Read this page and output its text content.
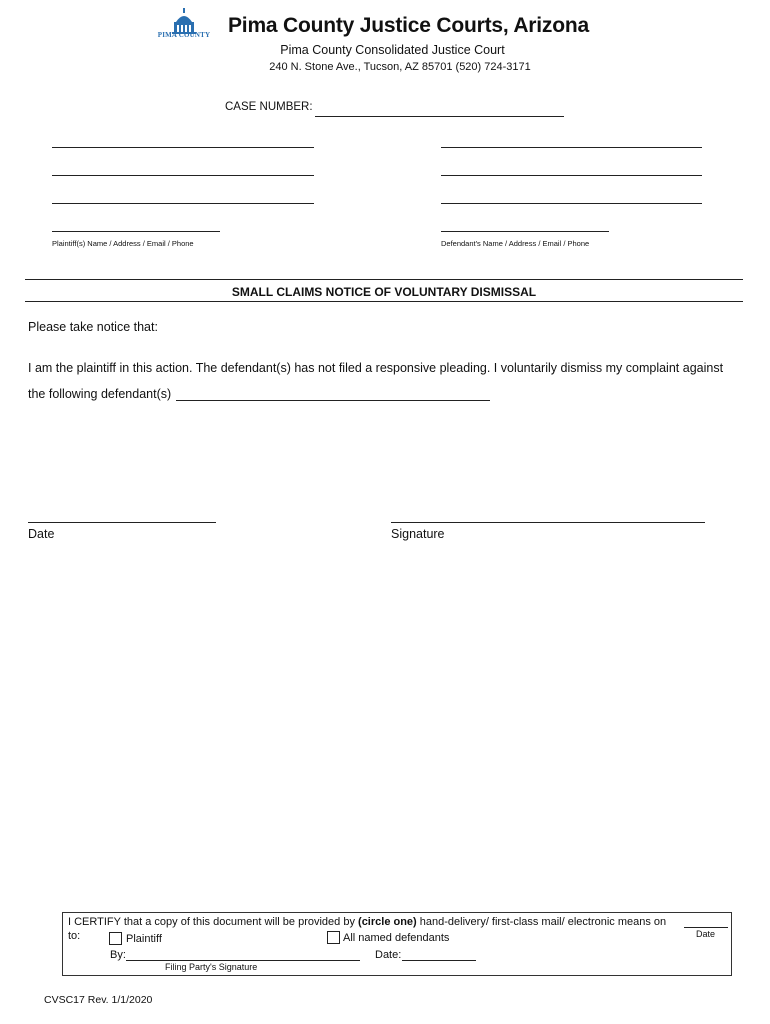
PIMA COUNTY Pima County Justice Courts, Arizona
Pima County Consolidated Justice Court
240 N. Stone Ave., Tucson, AZ 85701 (520) 724-3171
CASE NUMBER:
Plaintiff(s) Name / Address / Email / Phone	Defendant's Name / Address / Email / Phone
SMALL CLAIMS NOTICE OF VOLUNTARY DISMISSAL
Please take notice that:
I am the plaintiff in this action. The defendant(s) has not filed a responsive pleading. I voluntarily dismiss my complaint against
the following defendant(s)
Date	Signature
I CERTIFY that a copy of this document will be provided by (circle one) hand-delivery/ first-class mail/ electronic means on
Date
to:	Plaintiff	All named defendants
By:
Filing Party's Signature
Date:
CVSC17 Rev. 1/1/2020
